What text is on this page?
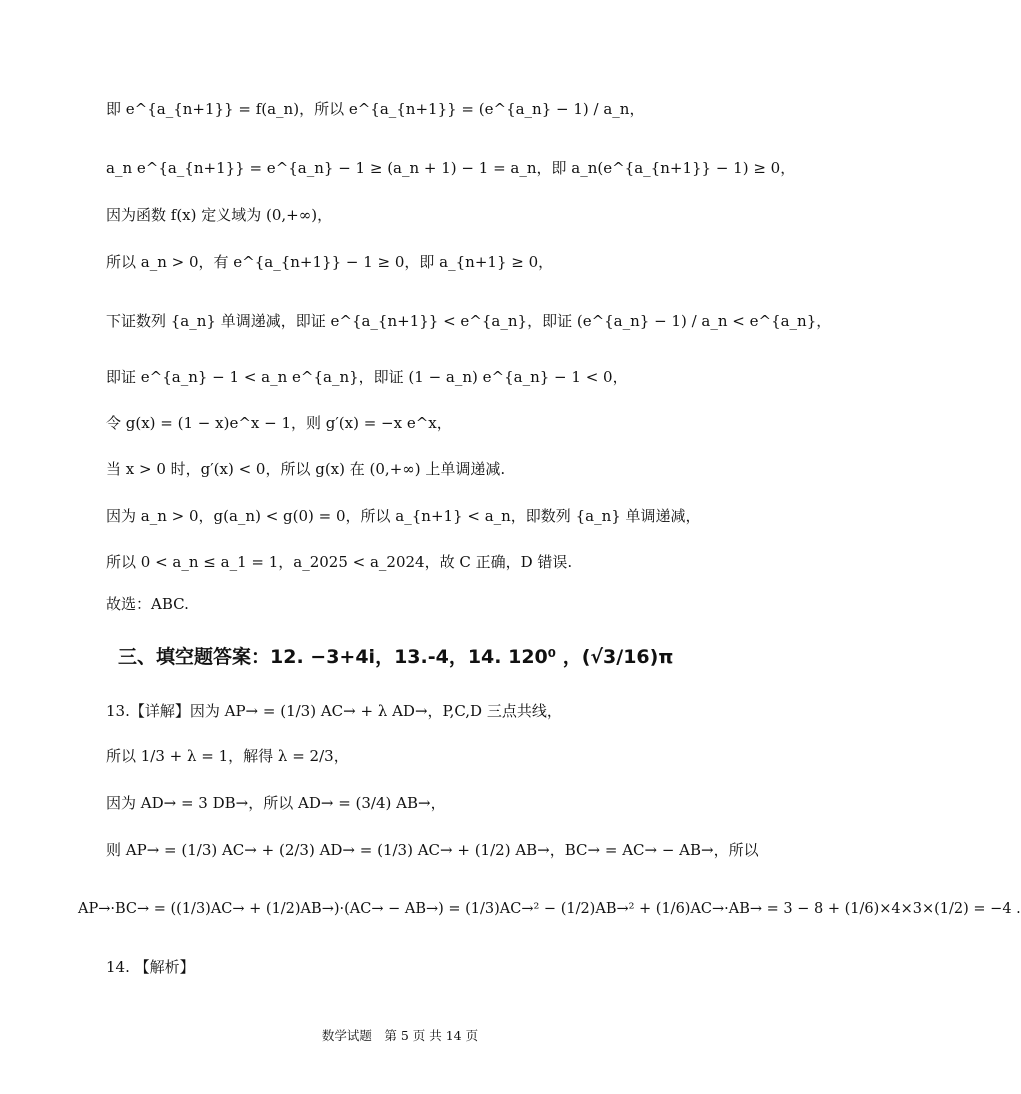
即 e^{a_{n+1}} = f(a_n)，所以 e^{a_{n+1}} = (e^{a_n} − 1) / a_n，
a_n e^{a_{n+1}} = e^{a_n} − 1 ≥ (a_n + 1) − 1 = a_n，即 a_n(e^{a_{n+1}} − 1) ≥ 0，
因为函数 f(x) 定义域为 (0,+∞)，
所以 a_n > 0，有 e^{a_{n+1}} − 1 ≥ 0，即 a_{n+1} ≥ 0，
下证数列 {a_n} 单调递减，即证 e^{a_{n+1}} < e^{a_n}，即证 (e^{a_n} − 1) / a_n < e^{a_n}，
即证 e^{a_n} − 1 < a_n e^{a_n}，即证 (1 − a_n) e^{a_n} − 1 < 0，
令 g(x) = (1 − x)e^x − 1，则 g′(x) = −x e^x，
当 x > 0 时，g′(x) < 0，所以 g(x) 在 (0,+∞) 上单调递减.
因为 a_n > 0，g(a_n) < g(0) = 0，所以 a_{n+1} < a_n，即数列 {a_n} 单调递减，
所以 0 < a_n ≤ a_1 = 1，a_2025 < a_2024，故 C 正确，D 错误.
故选：ABC.
三、填空题答案：12. −3+4i，13.-4，14. 120⁰ ，(√3/16)π
13.【详解】因为 AP→ = (1/3) AC→ + λ AD→，P,C,D 三点共线，
所以 1/3 + λ = 1，解得 λ = 2/3，
因为 AD→ = 3 DB→，所以 AD→ = (3/4) AB→，
则 AP→ = (1/3) AC→ + (2/3) AD→ = (1/3) AC→ + (1/2) AB→，BC→ = AC→ − AB→，所以
AP→·BC→ = ((1/3)AC→ + (1/2)AB→)·(AC→ − AB→) = (1/3)AC→² − (1/2)AB→² + (1/6)AC→·AB→ = 3 − 8 + (1/6)×4×3×(1/2) = −4 .
14. 【解析】
数学试题　第 5 页 共 14 页
